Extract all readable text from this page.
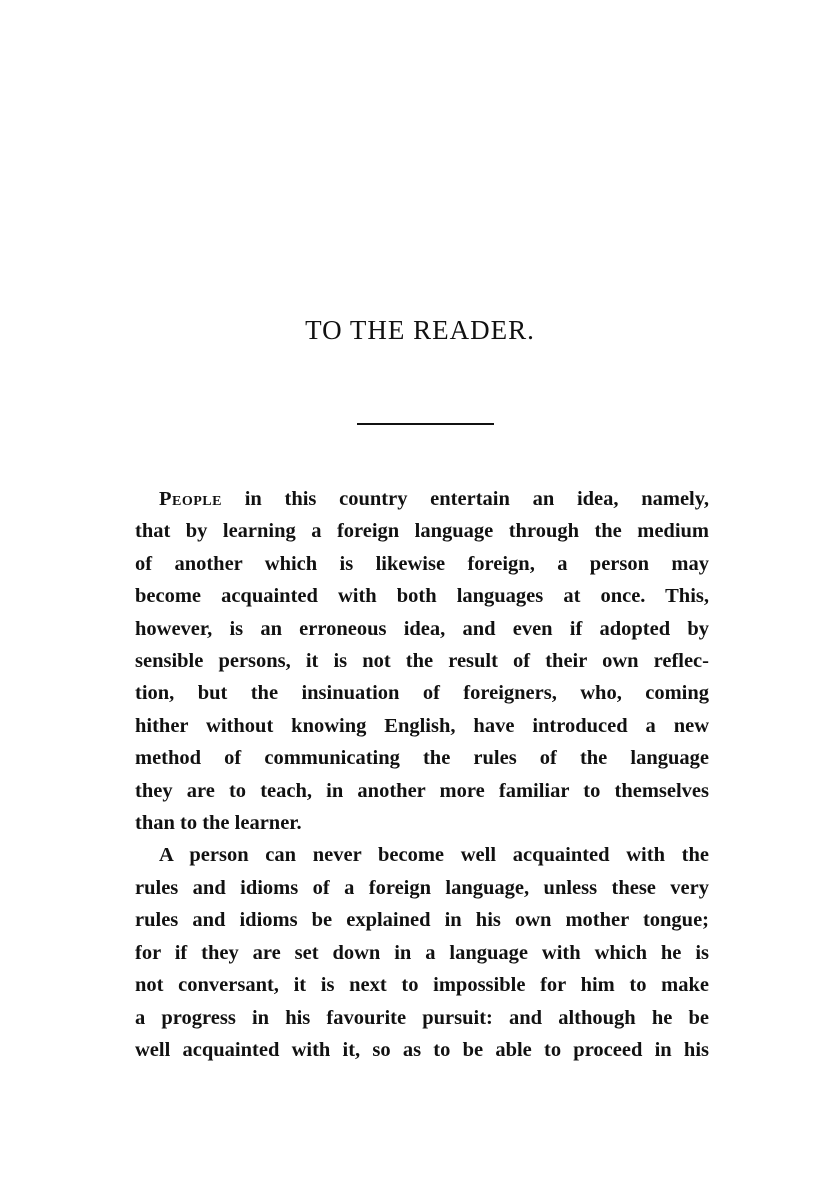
TO THE READER.
People in this country entertain an idea, namely,
that by learning a foreign language through the medium
of another which is likewise foreign, a person may
become acquainted with both languages at once. This,
however, is an erroneous idea, and even if adopted by
sensible persons, it is not the result of their own reflec-
tion, but the insinuation of foreigners, who, coming
hither without knowing English, have introduced a new
method of communicating the rules of the language
they are to teach, in another more familiar to themselves
than to the learner.
A person can never become well acquainted with the
rules and idioms of a foreign language, unless these very
rules and idioms be explained in his own mother tongue;
for if they are set down in a language with which he is
not conversant, it is next to impossible for him to make
a progress in his favourite pursuit: and although he be
well acquainted with it, so as to be able to proceed in his
